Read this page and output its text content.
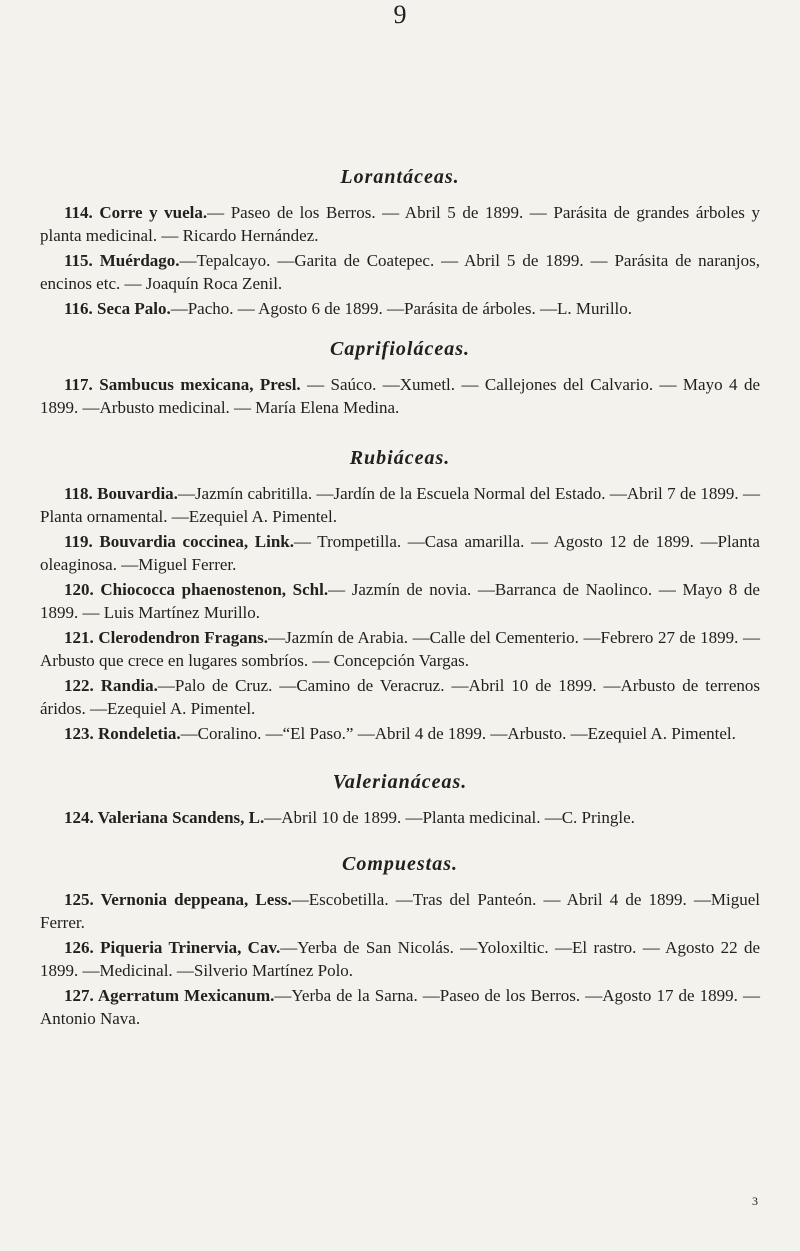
9
Lorantáceas.

114. Corre y vuela.— Paseo de los Berros. — Abril 5 de 1899. — Parásita de grandes árboles y planta medicinal. — Ricardo Hernández.

115. Muérdago.—Tepalcayo. —Garita de Coatepec. — Abril 5 de 1899. — Parásita de naranjos, encinos etc. — Joaquín Roca Zenil.

116. Seca Palo.—Pacho. — Agosto 6 de 1899. —Parásita de árboles. —L. Murillo.

Caprifioláceas.

117. Sambucus mexicana, Presl. — Saúco. —Xumetl. — Callejones del Calvario. — Mayo 4 de 1899. —Arbusto medicinal. — María Elena Medina.

Rubiáceas.

118. Bouvardia.—Jazmín cabritilla. —Jardín de la Escuela Normal del Estado. —Abril 7 de 1899. —Planta ornamental. —Ezequiel A. Pimentel.

119. Bouvardia coccinea, Link.— Trompetilla. —Casa amarilla. — Agosto 12 de 1899. —Planta oleaginosa. —Miguel Ferrer.

120. Chiococca phaenostenon, Schl.— Jazmín de novia. —Barranca de Naolinco. — Mayo 8 de 1899. — Luis Martínez Murillo.

121. Clerodendron Fragans.—Jazmín de Arabia. —Calle del Cementerio. —Febrero 27 de 1899. —Arbusto que crece en lugares sombríos. — Concepción Vargas.

122. Randia.—Palo de Cruz. —Camino de Veracruz. —Abril 10 de 1899. —Arbusto de terrenos áridos. —Ezequiel A. Pimentel.

123. Rondeletia.—Coralino. —“El Paso.” —Abril 4 de 1899. —Arbusto. —Ezequiel A. Pimentel.

Valerianáceas.

124. Valeriana Scandens, L.—Abril 10 de 1899. —Planta medicinal. —C. Pringle.

Compuestas.

125. Vernonia deppeana, Less.—Escobetilla. —Tras del Panteón. — Abril 4 de 1899. —Miguel Ferrer.

126. Piqueria Trinervia, Cav.—Yerba de San Nicolás. —Yoloxiltic. —El rastro. — Agosto 22 de 1899. —Medicinal. —Silverio Martínez Polo.

127. Agerratum Mexicanum.—Yerba de la Sarna. —Paseo de los Berros. —Agosto 17 de 1899. —Antonio Nava.

3
